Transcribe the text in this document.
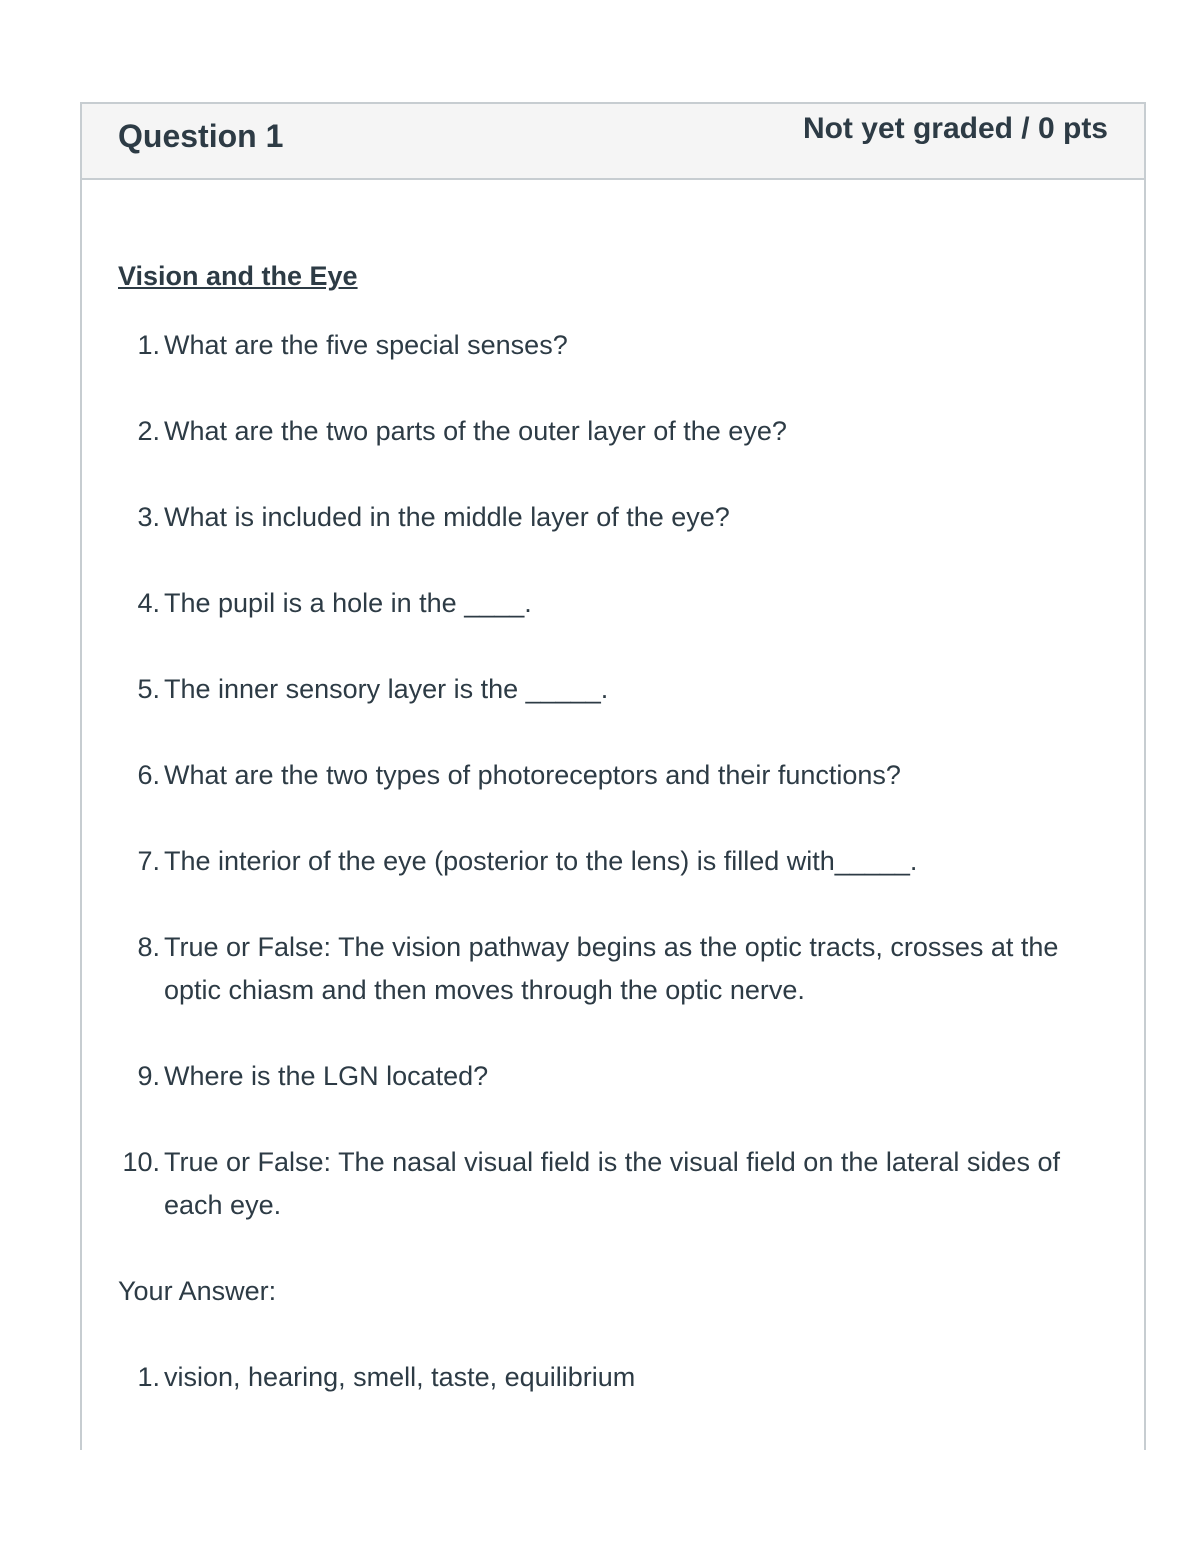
Question 1	Not yet graded / 0 pts

Vision and the Eye

1. What are the five special senses?
2. What are the two parts of the outer layer of the eye?
3. What is included in the middle layer of the eye?
4. The pupil is a hole in the ____.
5. The inner sensory layer is the _____.
6. What are the two types of photoreceptors and their functions?
7. The interior of the eye (posterior to the lens) is filled with_____.
8. True or False: The vision pathway begins as the optic tracts, crosses at the optic chiasm and then moves through the optic nerve.
9. Where is the LGN located?
10. True or False: The nasal visual field is the visual field on the lateral sides of each eye.

Your Answer:

1. vision, hearing, smell, taste, equilibrium
